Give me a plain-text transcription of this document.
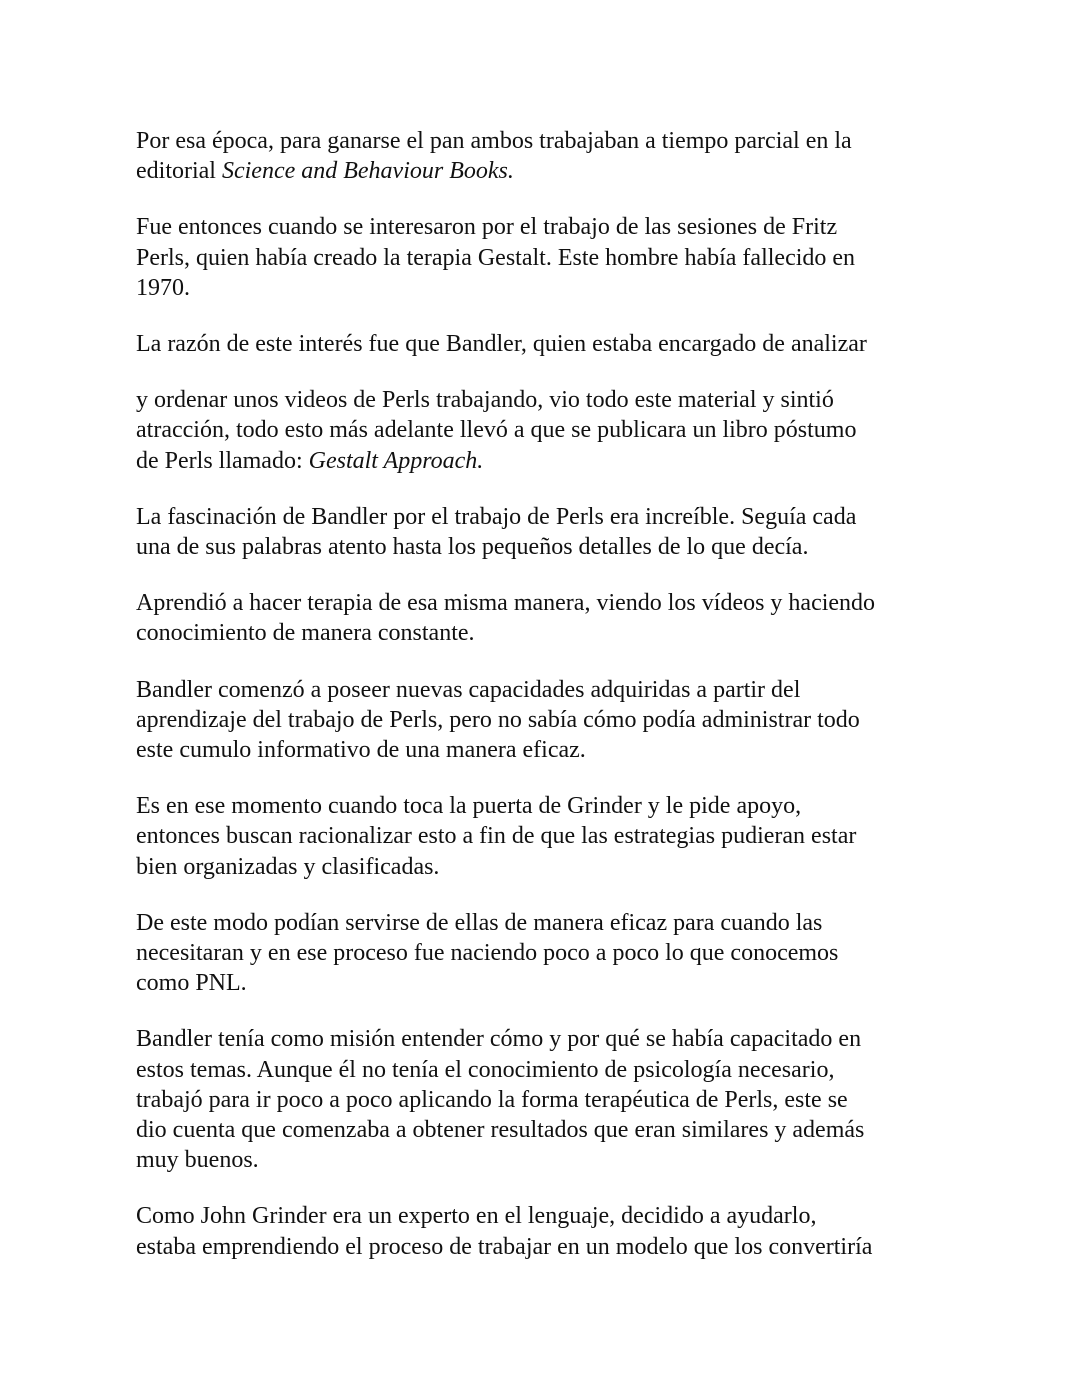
Por esa época, para ganarse el pan ambos trabajaban a tiempo parcial en la
editorial Science and Behaviour Books.

Fue entonces cuando se interesaron por el trabajo de las sesiones de Fritz
Perls, quien había creado la terapia Gestalt. Este hombre había fallecido en
1970.

La razón de este interés fue que Bandler, quien estaba encargado de analizar

y ordenar unos videos de Perls trabajando, vio todo este material y sintió
atracción, todo esto más adelante llevó a que se publicara un libro póstumo
de Perls llamado: Gestalt Approach.

La fascinación de Bandler por el trabajo de Perls era increíble. Seguía cada
una de sus palabras atento hasta los pequeños detalles de lo que decía.

Aprendió a hacer terapia de esa misma manera, viendo los vídeos y haciendo
conocimiento de manera constante.

Bandler comenzó a poseer nuevas capacidades adquiridas a partir del
aprendizaje del trabajo de Perls, pero no sabía cómo podía administrar todo
este cumulo informativo de una manera eficaz.

Es en ese momento cuando toca la puerta de Grinder y le pide apoyo,
entonces buscan racionalizar esto a fin de que las estrategias pudieran estar
bien organizadas y clasificadas.

De este modo podían servirse de ellas de manera eficaz para cuando las
necesitaran y en ese proceso fue naciendo poco a poco lo que conocemos
como PNL.

Bandler tenía como misión entender cómo y por qué se había capacitado en
estos temas. Aunque él no tenía el conocimiento de psicología necesario,
trabajó para ir poco a poco aplicando la forma terapéutica de Perls, este se
dio cuenta que comenzaba a obtener resultados que eran similares y además
muy buenos.

Como John Grinder era un experto en el lenguaje, decidido a ayudarlo,
estaba emprendiendo el proceso de trabajar en un modelo que los convertiría
